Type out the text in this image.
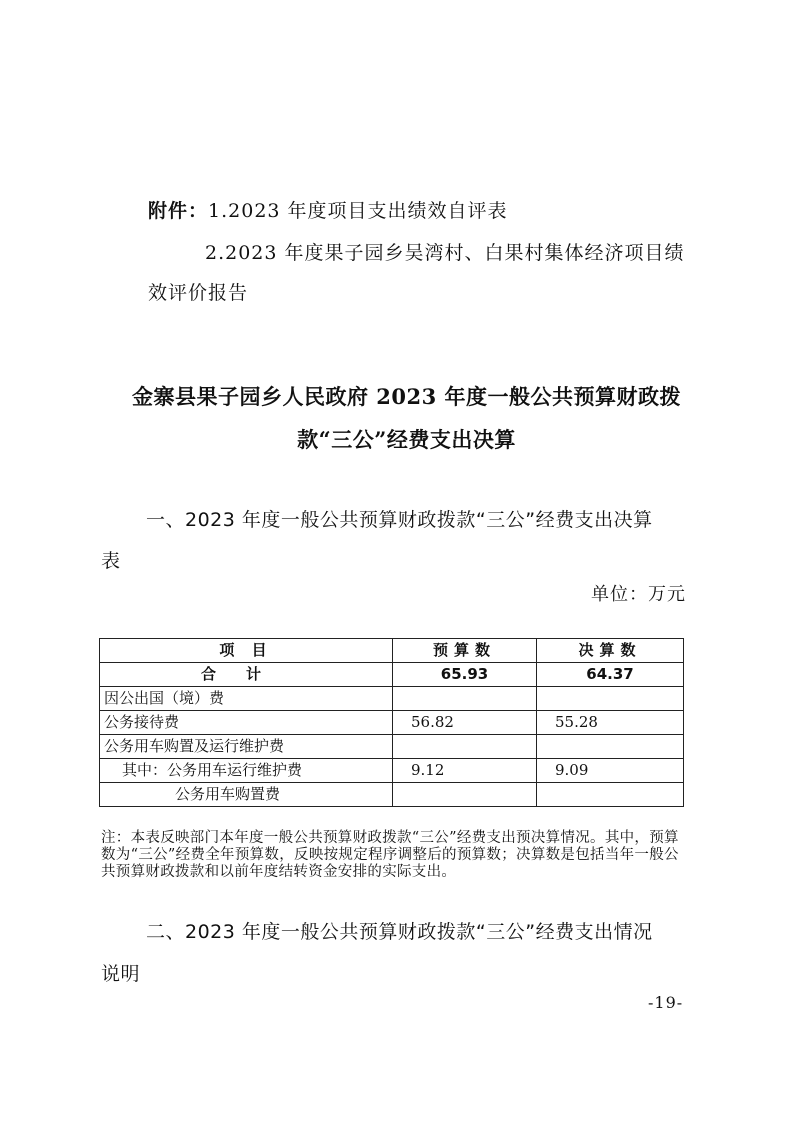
附件：1.2023 年度项目支出绩效自评表
2.2023 年度果子园乡吴湾村、白果村集体经济项目绩
效评价报告
金寨县果子园乡人民政府 2023 年度一般公共预算财政拨
款“三公”经费支出决算
一、2023 年度一般公共预算财政拨款“三公”经费支出决算
表
单位：万元
项 目	预算数	决算数
合计	65.93	64.37
因公出国（境）费		
公务接待费	56.82	55.28
公务用车购置及运行维护费		
其中：公务用车运行维护费	9.12	9.09
公务用车购置费		
注：本表反映部门本年度一般公共预算财政拨款“三公”经费支出预决算情况。其中，预算数为“三公”经费全年预算数，反映按规定程序调整后的预算数；决算数是包括当年一般公共预算财政拨款和以前年度结转资金安排的实际支出。
二、2023 年度一般公共预算财政拨款“三公”经费支出情况
说明
-19-
